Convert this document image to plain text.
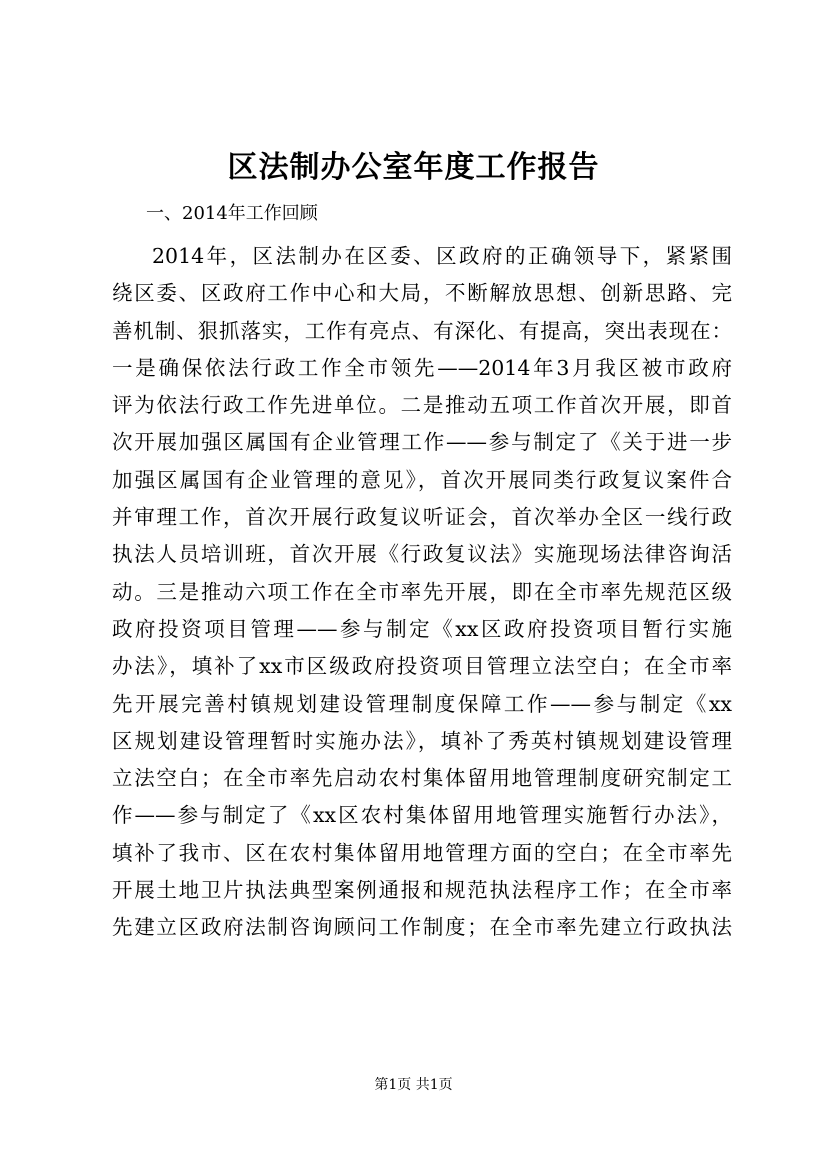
区法制办公室年度工作报告
一、2014年工作回顾
2014年，区法制办在区委、区政府的正确领导下，紧紧围
绕区委、区政府工作中心和大局，不断解放思想、创新思路、完
善机制、狠抓落实，工作有亮点、有深化、有提高，突出表现在：
一是确保依法行政工作全市领先——2014年3月我区被市政府
评为依法行政工作先进单位。二是推动五项工作首次开展，即首
次开展加强区属国有企业管理工作——参与制定了《关于进一步
加强区属国有企业管理的意见》，首次开展同类行政复议案件合
并审理工作，首次开展行政复议听证会，首次举办全区一线行政
执法人员培训班，首次开展《行政复议法》实施现场法律咨询活
动。三是推动六项工作在全市率先开展，即在全市率先规范区级
政府投资项目管理——参与制定《xx区政府投资项目暂行实施
办法》，填补了xx市区级政府投资项目管理立法空白；在全市率
先开展完善村镇规划建设管理制度保障工作——参与制定《xx
区规划建设管理暂时实施办法》，填补了秀英村镇规划建设管理
立法空白；在全市率先启动农村集体留用地管理制度研究制定工
作——参与制定了《xx区农村集体留用地管理实施暂行办法》，
填补了我市、区在农村集体留用地管理方面的空白；在全市率先
开展土地卫片执法典型案例通报和规范执法程序工作；在全市率
先建立区政府法制咨询顾问工作制度；在全市率先建立行政执法
第1页 共1页
